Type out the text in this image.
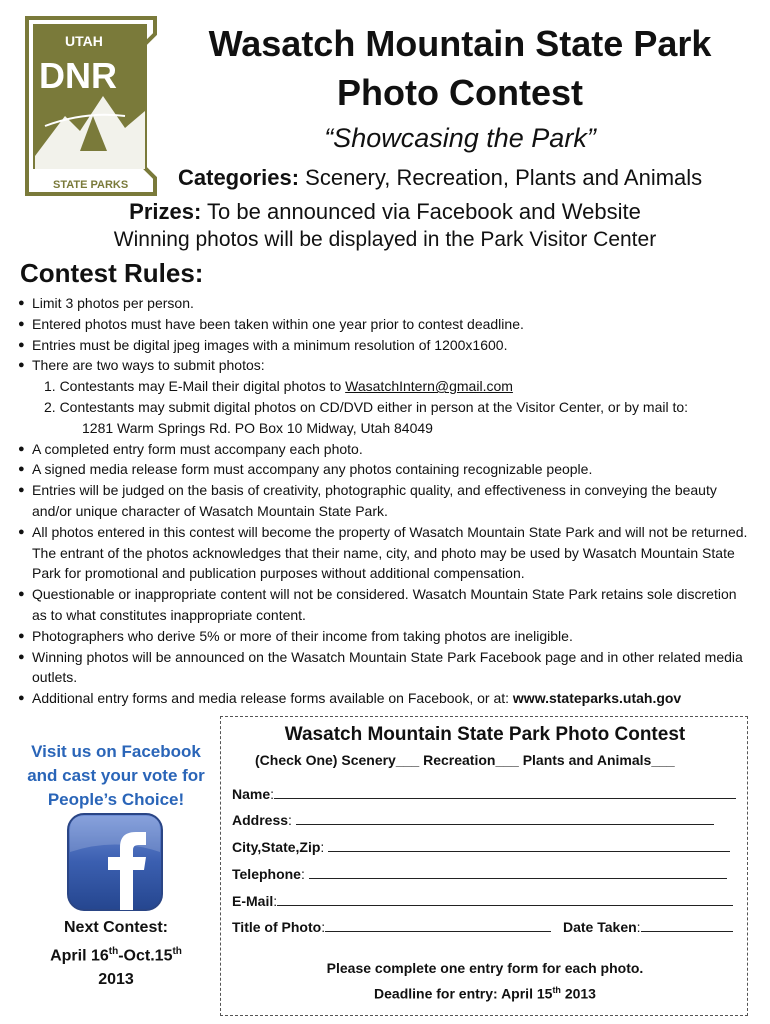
UTAH
DNR
STATE PARKS
Wasatch Mountain State Park
Photo Contest
“Showcasing the Park”
Categories: Scenery, Recreation, Plants and Animals
Prizes: To be announced via Facebook and Website
Winning photos will be displayed in the Park Visitor Center
Contest Rules:
● Limit 3 photos per person.
● Entered photos must have been taken within one year prior to contest deadline.
● Entries must be digital jpeg images with a minimum resolution of 1200x1600.
● There are two ways to submit photos:
1. Contestants may E-Mail their digital photos to WasatchIntern@gmail.com
2. Contestants may submit digital photos on CD/DVD either in person at the Visitor Center, or by mail to:
1281 Warm Springs Rd. PO Box 10 Midway, Utah 84049
● A completed entry form must accompany each photo.
● A signed media release form must accompany any photos containing recognizable people.
● Entries will be judged on the basis of creativity, photographic quality, and effectiveness in conveying the beauty and/or unique character of Wasatch Mountain State Park.
● All photos entered in this contest will become the property of Wasatch Mountain State Park and will not be returned. The entrant of the photos acknowledges that their name, city, and photo may be used by Wasatch Mountain State Park for promotional and publication purposes without additional compensation.
● Questionable or inappropriate content will not be considered. Wasatch Mountain State Park retains sole discretion as to what constitutes inappropriate content.
● Photographers who derive 5% or more of their income from taking photos are ineligible.
● Winning photos will be announced on the Wasatch Mountain State Park Facebook page and in other related media outlets.
● Additional entry forms and media release forms available on Facebook, or at: www.stateparks.utah.gov
Visit us on Facebook
and cast your vote for
People’s Choice!
Next Contest:
April 16th-Oct.15th
2013
Wasatch Mountain State Park Photo Contest
(Check One) Scenery___ Recreation___ Plants and Animals___
Name:
Address:
City,State,Zip:
Telephone:
E-Mail:
Title of Photo:	Date Taken:
Please complete one entry form for each photo.
Deadline for entry: April 15th 2013
